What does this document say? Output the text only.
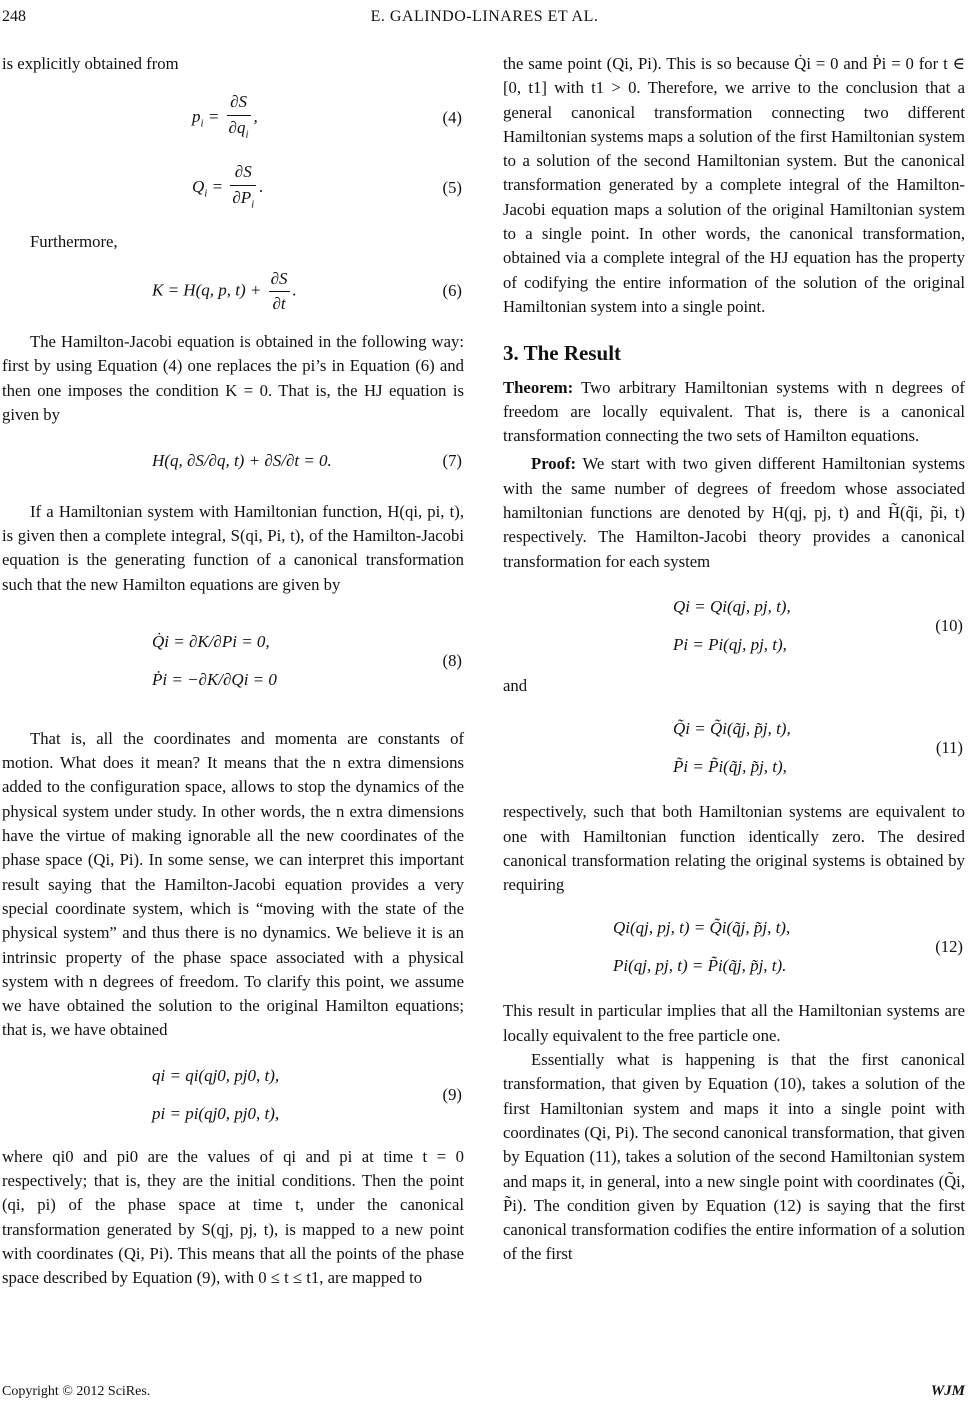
248	E. GALINDO-LINARES ET AL.

is explicitly obtained from

$p_i = \frac{\partial S}{\partial q_i}$ ,	(4)
$Q_i = \frac{\partial S}{\partial P_i}$ .	(5)

Furthermore,

K = H(q, p, $t) + \frac{\partial S}{\partial t}$ .	(6)

The Hamilton-Jacobi equation is obtained in the following way: first by using Equation (4) one replaces the pi’s in Equation (6) and then one imposes the condition K = 0. That is, the HJ equation is given by

H(q, ∂S/∂q, t) + ∂S/∂t = 0.	(7)

If a Hamiltonian system with Hamiltonian function, H(qi, pi, t), is given then a complete integral, S(qi, Pi, t), of the Hamilton-Jacobi equation is the generating function of a canonical transformation such that the new Hamilton equations are given by

Q̇i = ∂K/∂Pi = 0,
Ṗi = −∂K/∂Qi = 0
(8)

That is, all the coordinates and momenta are constants of motion. What does it mean? It means that the n extra dimensions added to the configuration space, allows to stop the dynamics of the physical system under study. In other words, the n extra dimensions have the virtue of making ignorable all the new coordinates of the phase space (Qi, Pi). In some sense, we can interpret this important result saying that the Hamilton-Jacobi equation provides a very special coordinate system, which is “moving with the state of the physical system” and thus there is no dynamics. We believe it is an intrinsic property of the phase space associated with a physical system with n degrees of freedom. To clarify this point, we assume we have obtained the solution to the original Hamilton equations; that is, we have obtained

qi = qi(qj0, pj0, t),
pi = pi(qj0, pj0, t),
(9)

where qi0 and pi0 are the values of qi and pi at time t = 0 respectively; that is, they are the initial conditions. Then the point (qi, pi) of the phase space at time t, under the canonical transformation generated by S(qj, pj, t), is mapped to a new point with coordinates (Qi, Pi). This means that all the points of the phase space described by Equation (9), with 0 ≤ t ≤ t1, are mapped to

the same point (Qi, Pi). This is so because Q̇i = 0 and Ṗi = 0 for t ∈ [0, t1] with t1 > 0. Therefore, we arrive to the conclusion that a general canonical transformation connecting two different Hamiltonian systems maps a solution of the first Hamiltonian system to a solution of the second Hamiltonian system. But the canonical transformation generated by a complete integral of the Hamilton-Jacobi equation maps a solution of the original Hamiltonian system to a single point. In other words, the canonical transformation, obtained via a complete integral of the HJ equation has the property of codifying the entire information of the solution of the original Hamiltonian system into a single point.

3. The Result

Theorem: Two arbitrary Hamiltonian systems with n degrees of freedom are locally equivalent. That is, there is a canonical transformation connecting the two sets of Hamilton equations.

Proof: We start with two given different Hamiltonian systems with the same number of degrees of freedom whose associated hamiltonian functions are denoted by H(qj, pj, t) and H̃(q̃i, p̃i, t) respectively. The Hamilton-Jacobi theory provides a canonical transformation for each system

Qi = Qi(qj, pj, t),
Pi = Pi(qj, pj, t),
(10)

and

Q̃i = Q̃i(q̃j, p̃j, t),
P̃i = P̃i(q̃j, p̃j, t),
(11)

respectively, such that both Hamiltonian systems are equivalent to one with Hamiltonian function identically zero. The desired canonical transformation relating the original systems is obtained by requiring

Qi(qj, pj, t) = Q̃i(q̃j, p̃j, t),
Pi(qj, pj, t) = P̃i(q̃j, p̃j, t).
(12)

This result in particular implies that all the Hamiltonian systems are locally equivalent to the free particle one.

Essentially what is happening is that the first canonical transformation, that given by Equation (10), takes a solution of the first Hamiltonian system and maps it into a single point with coordinates (Qi, Pi). The second canonical transformation, that given by Equation (11), takes a solution of the second Hamiltonian system and maps it, in general, into a new single point with coordinates (Q̃i, P̃i). The condition given by Equation (12) is saying that the first canonical transformation codifies the entire information of a solution of the first

Copyright © 2012 SciRes.	WJM
